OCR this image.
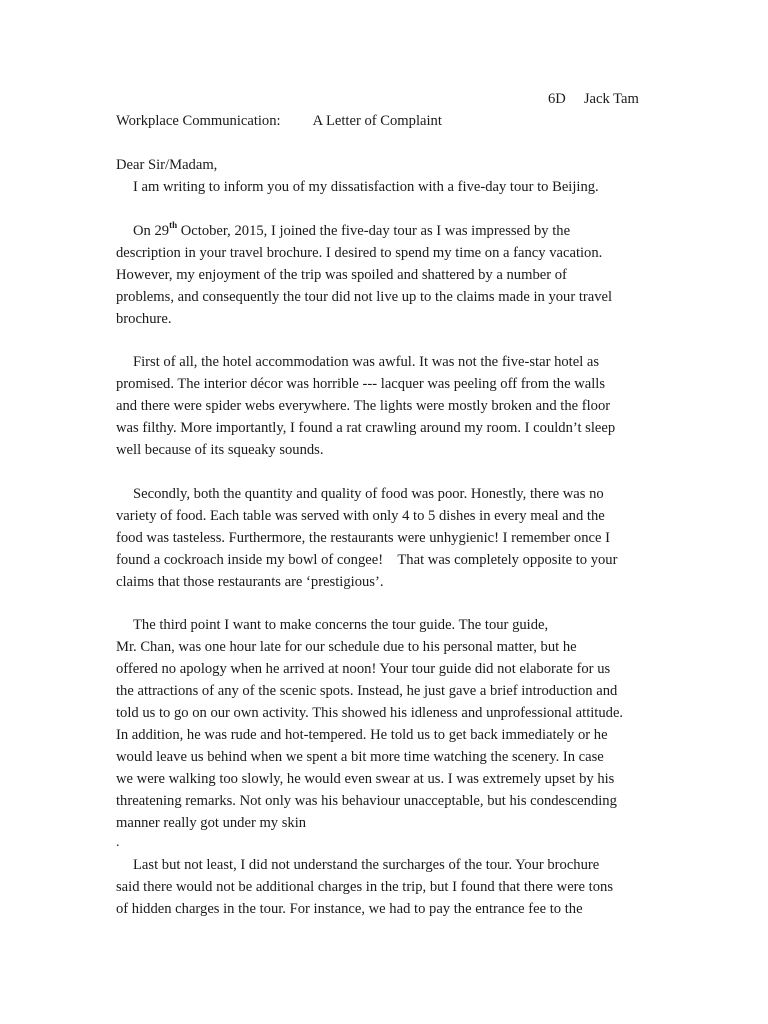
6D Jack Tam
Workplace Communication: A Letter of Complaint
Dear Sir/Madam,
I am writing to inform you of my dissatisfaction with a five-day tour to Beijing.
On 29th October, 2015, I joined the five-day tour as I was impressed by the
description in your travel brochure. I desired to spend my time on a fancy vacation.
However, my enjoyment of the trip was spoiled and shattered by a number of
problems, and consequently the tour did not live up to the claims made in your travel
brochure.
First of all, the hotel accommodation was awful. It was not the five-star hotel as
promised. The interior décor was horrible --- lacquer was peeling off from the walls
and there were spider webs everywhere. The lights were mostly broken and the floor
was filthy. More importantly, I found a rat crawling around my room. I couldn’t sleep
well because of its squeaky sounds.
Secondly, both the quantity and quality of food was poor. Honestly, there was no
variety of food. Each table was served with only 4 to 5 dishes in every meal and the
food was tasteless. Furthermore, the restaurants were unhygienic! I remember once I
found a cockroach inside my bowl of congee!    That was completely opposite to your
claims that those restaurants are ‘prestigious’.
The third point I want to make concerns the tour guide. The tour guide,
Mr. Chan, was one hour late for our schedule due to his personal matter, but he
offered no apology when he arrived at noon! Your tour guide did not elaborate for us
the attractions of any of the scenic spots. Instead, he just gave a brief introduction and
told us to go on our own activity. This showed his idleness and unprofessional attitude.
In addition, he was rude and hot-tempered. He told us to get back immediately or he
would leave us behind when we spent a bit more time watching the scenery. In case
we were walking too slowly, he would even swear at us. I was extremely upset by his
threatening remarks. Not only was his behaviour unacceptable, but his condescending
manner really got under my skin
.
Last but not least, I did not understand the surcharges of the tour. Your brochure
said there would not be additional charges in the trip, but I found that there were tons
of hidden charges in the tour. For instance, we had to pay the entrance fee to the
